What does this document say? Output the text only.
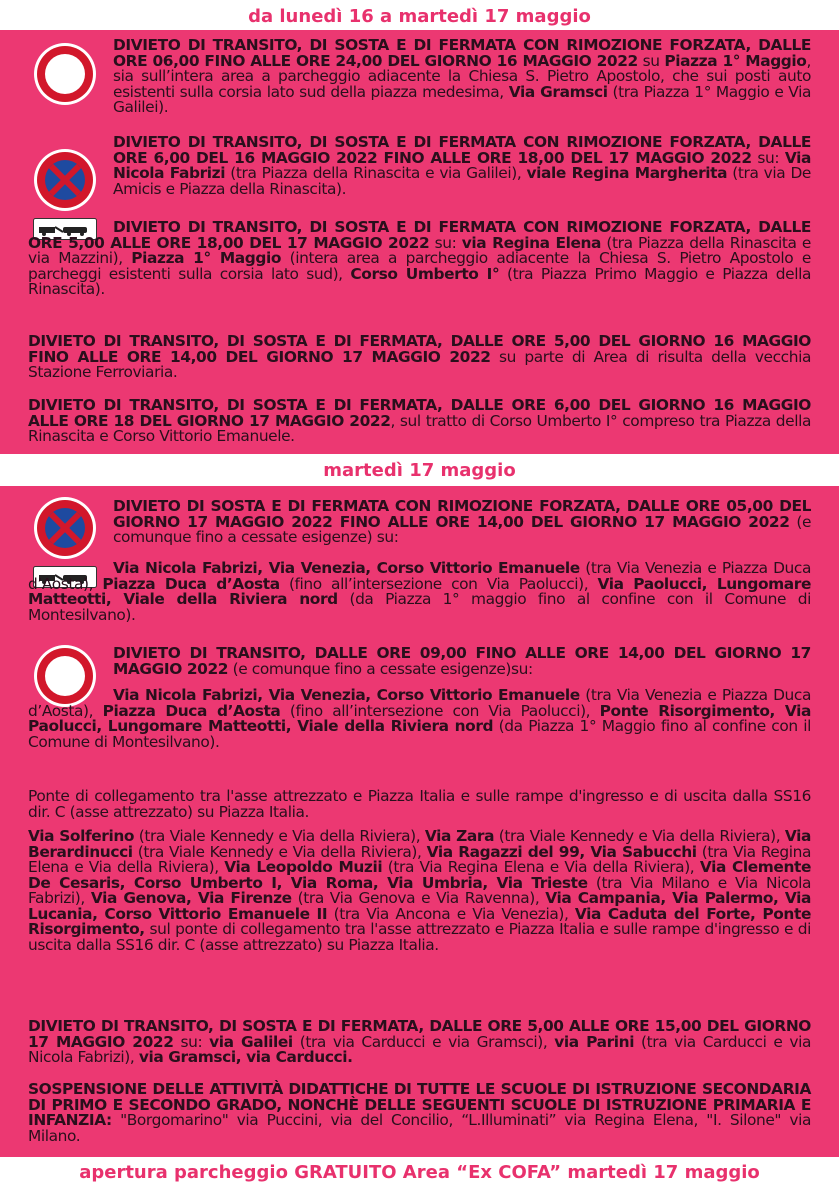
da lunedì 16 a martedì 17 maggio
DIVIETO DI TRANSITO, DI SOSTA E DI FERMATA CON RIMOZIONE FORZATA, DALLE ORE 06,00 FINO ALLE ORE 24,00 DEL GIORNO 16 MAGGIO 2022 su Piazza 1° Maggio, sia sull’intera area a parcheggio adiacente la Chiesa S. Pietro Apostolo, che sui posti auto esistenti sulla corsia lato sud della piazza medesima, Via Gramsci (tra Piazza 1° Maggio e Via Galilei).
DIVIETO DI TRANSITO, DI SOSTA E DI FERMATA CON RIMOZIONE FORZATA, DALLE ORE 6,00 DEL 16 MAGGIO 2022 FINO ALLE ORE 18,00 DEL 17 MAGGIO 2022 su: Via Nicola Fabrizi (tra Piazza della Rinascita e via Galilei), viale Regina Margherita (tra via De Amicis e Piazza della Rinascita).
DIVIETO DI TRANSITO, DI SOSTA E DI FERMATA CON RIMOZIONE FORZATA, DALLE ORE 5,00 ALLE ORE 18,00 DEL 17 MAGGIO 2022 su: via Regina Elena (tra Piazza della Rinascita e via Mazzini), Piazza 1° Maggio (intera area a parcheggio adiacente la Chiesa S. Pietro Apostolo e parcheggi esistenti sulla corsia lato sud), Corso Umberto I° (tra Piazza Primo Maggio e Piazza della Rinascita).
DIVIETO DI TRANSITO, DI SOSTA E DI FERMATA, DALLE ORE 5,00 DEL GIORNO 16 MAGGIO FINO ALLE ORE 14,00 DEL GIORNO 17 MAGGIO 2022 su parte di Area di risulta della vecchia Stazione Ferroviaria.
DIVIETO DI TRANSITO, DI SOSTA E DI FERMATA, DALLE ORE 6,00 DEL GIORNO 16 MAGGIO ALLE ORE 18 DEL GIORNO 17 MAGGIO 2022, sul tratto di Corso Umberto I° compreso tra Piazza della Rinascita e Corso Vittorio Emanuele.
martedì 17 maggio
DIVIETO DI SOSTA E DI FERMATA CON RIMOZIONE FORZATA, DALLE ORE 05,00 DEL GIORNO 17 MAGGIO 2022 FINO ALLE ORE 14,00 DEL GIORNO 17 MAGGIO 2022 (e comunque fino a cessate esigenze) su:
Via Nicola Fabrizi, Via Venezia, Corso Vittorio Emanuele (tra Via Venezia e Piazza Duca d’Aosta), Piazza Duca d’Aosta (fino all’intersezione con Via Paolucci), Via Paolucci, Lungomare Matteotti, Viale della Riviera nord (da Piazza 1° maggio fino al confine con il Comune di Montesilvano).
DIVIETO DI TRANSITO, DALLE ORE 09,00 FINO ALLE ORE 14,00 DEL GIORNO 17 MAGGIO 2022 (e comunque fino a cessate esigenze)su:
Via Nicola Fabrizi, Via Venezia, Corso Vittorio Emanuele (tra Via Venezia e Piazza Duca d’Aosta), Piazza Duca d’Aosta (fino all’intersezione con Via Paolucci), Ponte Risorgimento, Via Paolucci, Lungomare Matteotti, Viale della Riviera nord (da Piazza 1° Maggio fino al confine con il Comune di Montesilvano).
Ponte di collegamento tra l'asse attrezzato e Piazza Italia e sulle rampe d'ingresso e di uscita dalla SS16 dir. C (asse attrezzato) su Piazza Italia.
Via Solferino (tra Viale Kennedy e Via della Riviera), Via Zara (tra Viale Kennedy e Via della Riviera), Via Berardinucci (tra Viale Kennedy e Via della Riviera), Via Ragazzi del 99, Via Sabucchi (tra Via Regina Elena e Via della Riviera), Via Leopoldo Muzii (tra Via Regina Elena e Via della Riviera), Via Clemente De Cesaris, Corso Umberto I, Via Roma, Via Umbria, Via Trieste (tra Via Milano e Via Nicola Fabrizi), Via Genova, Via Firenze (tra Via Genova e Via Ravenna), Via Campania, Via Palermo, Via Lucania, Corso Vittorio Emanuele II (tra Via Ancona e Via Venezia), Via Caduta del Forte, Ponte Risorgimento, sul ponte di collegamento tra l'asse attrezzato e Piazza Italia e sulle rampe d'ingresso e di uscita dalla SS16 dir. C (asse attrezzato) su Piazza Italia.
DIVIETO DI TRANSITO, DI SOSTA E DI FERMATA, DALLE ORE 5,00 ALLE ORE 15,00 DEL GIORNO 17 MAGGIO 2022 su: via Galilei (tra via Carducci e via Gramsci), via Parini (tra via Carducci e via Nicola Fabrizi), via Gramsci, via Carducci.
SOSPENSIONE DELLE ATTIVITÀ DIDATTICHE DI TUTTE LE SCUOLE DI ISTRUZIONE SECONDARIA DI PRIMO E SECONDO GRADO, NONCHÈ DELLE SEGUENTI SCUOLE DI ISTRUZIONE PRIMARIA E INFANZIA: "Borgomarino" via Puccini, via del Concilio, “L.Illuminati” via Regina Elena, "I. Silone" via Milano.
apertura parcheggio GRATUITO Area “Ex COFA” martedì 17 maggio
